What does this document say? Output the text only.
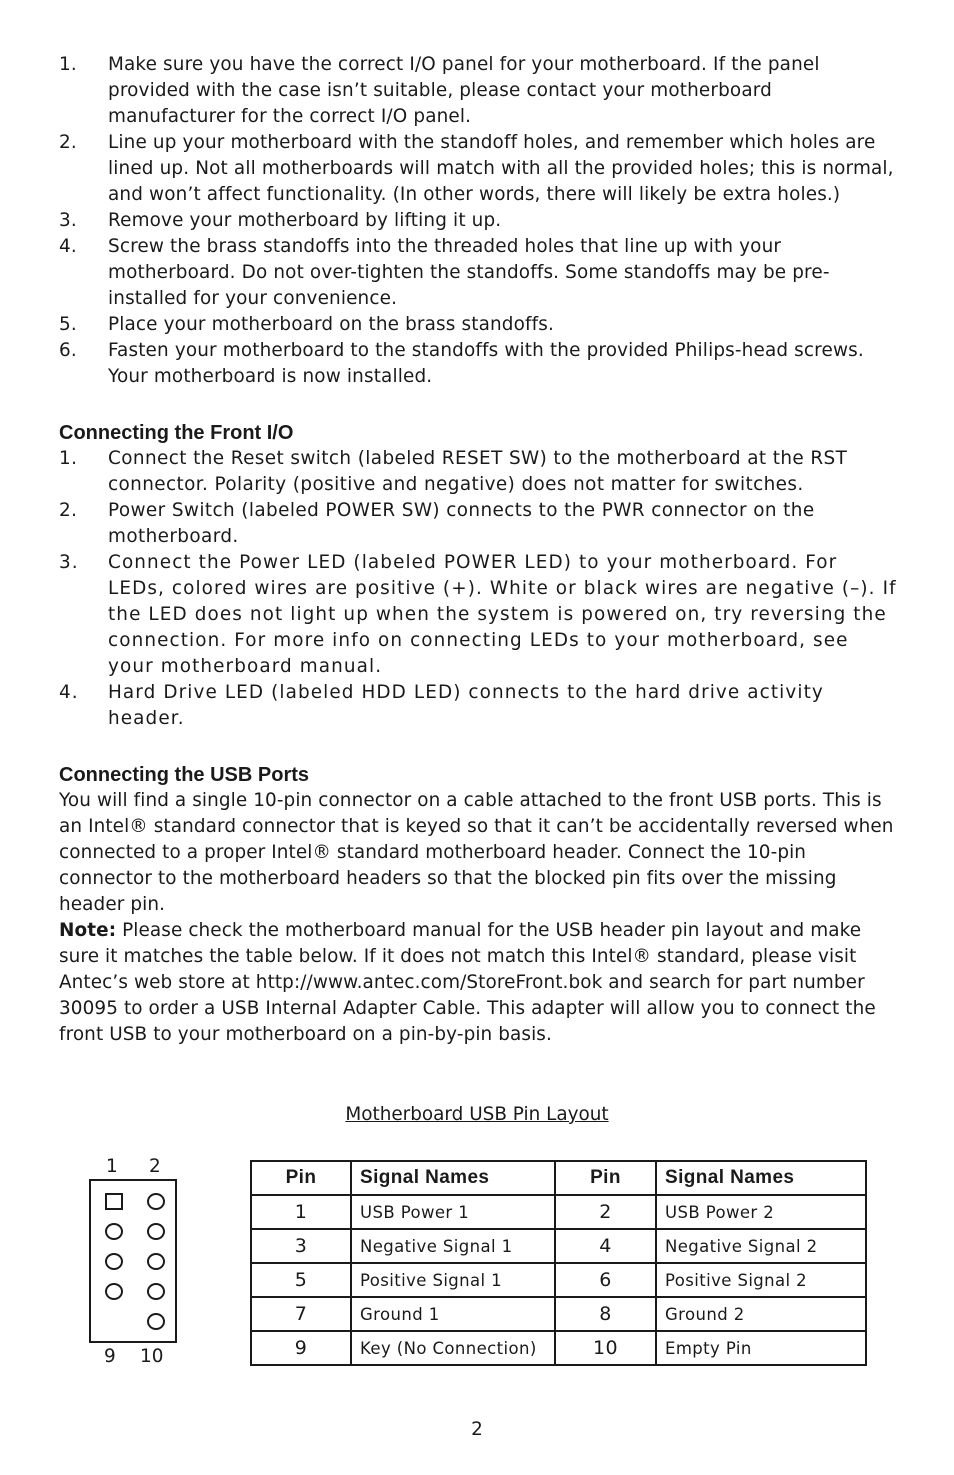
1. Make sure you have the correct I/O panel for your motherboard. If the panel provided with the case isn’t suitable, please contact your motherboard manufacturer for the correct I/O panel.
2. Line up your motherboard with the standoff holes, and remember which holes are lined up. Not all motherboards will match with all the provided holes; this is normal, and won’t affect functionality. (In other words, there will likely be extra holes.)
3. Remove your motherboard by lifting it up.
4. Screw the brass standoffs into the threaded holes that line up with your motherboard. Do not over-tighten the standoffs. Some standoffs may be pre-installed for your convenience.
5. Place your motherboard on the brass standoffs.
6. Fasten your motherboard to the standoffs with the provided Philips-head screws. Your motherboard is now installed.
Connecting the Front I/O
1. Connect the Reset switch (labeled RESET SW) to the motherboard at the RST connector. Polarity (positive and negative) does not matter for switches.
2. Power Switch (labeled POWER SW) connects to the PWR connector on the motherboard.
3. Connect the Power LED (labeled POWER LED) to your motherboard. For LEDs, colored wires are positive (+). White or black wires are negative (–). If the LED does not light up when the system is powered on, try reversing the connection. For more info on connecting LEDs to your motherboard, see your motherboard manual.
4. Hard Drive LED (labeled HDD LED) connects to the hard drive activity header.
Connecting the USB Ports

You will find a single 10-pin connector on a cable attached to the front USB ports. This is an Intel® standard connector that is keyed so that it can’t be accidentally reversed when connected to a proper Intel® standard motherboard header. Connect the 10-pin connector to the motherboard headers so that the blocked pin fits over the missing header pin.

Note: Please check the motherboard manual for the USB header pin layout and make sure it matches the table below. If it does not match this Intel® standard, please visit Antec’s web store at http://www.antec.com/StoreFront.bok and search for part number 30095 to order a USB Internal Adapter Cable. This adapter will allow you to connect the front USB to your motherboard on a pin-by-pin basis.

Motherboard USB Pin Layout
1 2
9 10
Pin	Signal Names	Pin	Signal Names
1	USB Power 1	2	USB Power 2
3	Negative Signal 1	4	Negative Signal 2
5	Positive Signal 1	6	Positive Signal 2
7	Ground 1	8	Ground 2
9	Key (No Connection)	10	Empty Pin
2
